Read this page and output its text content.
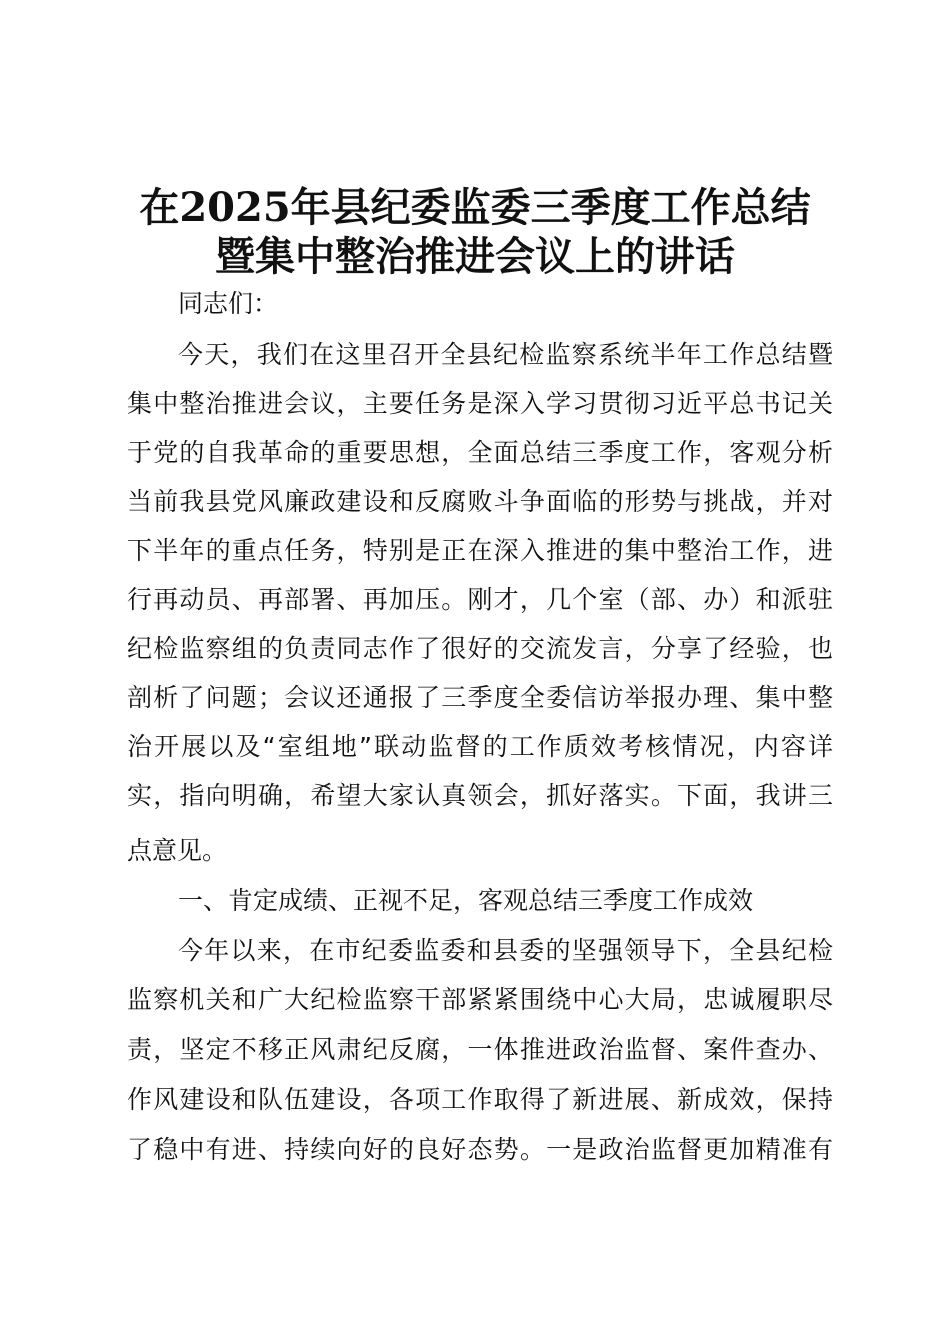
在2025年县纪委监委三季度工作总结
暨集中整治推进会议上的讲话
同志们：
今天，我们在这里召开全县纪检监察系统半年工作总结暨
集中整治推进会议，主要任务是深入学习贯彻习近平总书记关
于党的自我革命的重要思想，全面总结三季度工作，客观分析
当前我县党风廉政建设和反腐败斗争面临的形势与挑战，并对
下半年的重点任务，特别是正在深入推进的集中整治工作，进
行再动员、再部署、再加压。刚才，几个室（部、办）和派驻
纪检监察组的负责同志作了很好的交流发言，分享了经验，也
剖析了问题；会议还通报了三季度全委信访举报办理、集中整
治开展以及“室组地”联动监督的工作质效考核情况，内容详
实，指向明确，希望大家认真领会，抓好落实。下面，我讲三
点意见。
一、肯定成绩、正视不足，客观总结三季度工作成效
今年以来，在市纪委监委和县委的坚强领导下，全县纪检
监察机关和广大纪检监察干部紧紧围绕中心大局，忠诚履职尽
责，坚定不移正风肃纪反腐，一体推进政治监督、案件查办、
作风建设和队伍建设，各项工作取得了新进展、新成效，保持
了稳中有进、持续向好的良好态势。一是政治监督更加精准有
